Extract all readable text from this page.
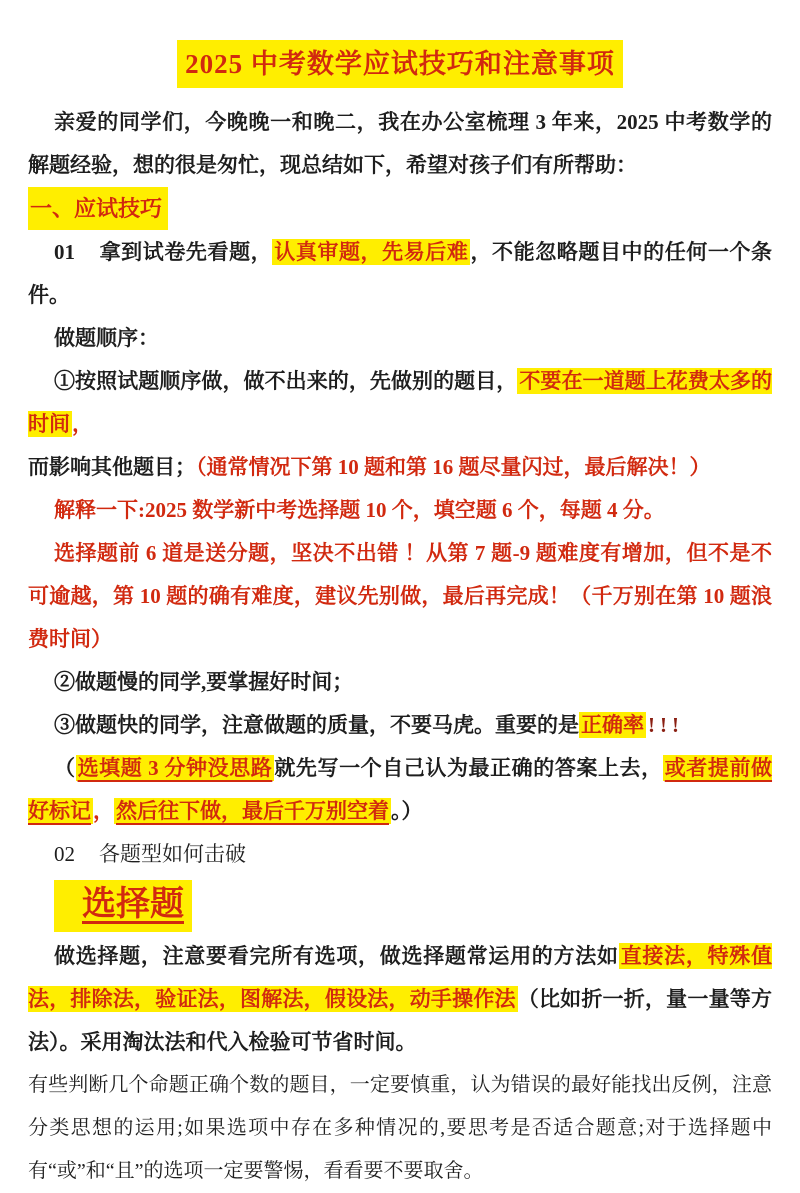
2025 中考数学应试技巧和注意事项

亲爱的同学们，今晚晚一和晚二，我在办公室梳理 3 年来，2025 中考数学的解题经验，想的很是匆忙，现总结如下，希望对孩子们有所帮助：

一、应试技巧

01 拿到试卷先看题，认真审题，先易后难，不能忽略题目中的任何一个条件。

做题顺序：

①按照试题顺序做，做不出来的，先做别的题目，不要在一道题上花费太多的时间，

而影响其他题目；（通常情况下第 10 题和第 16 题尽量闪过，最后解决！）

解释一下:2025 数学新中考选择题 10 个，填空题 6 个，每题 4 分。

选择题前 6 道是送分题，坚决不出错 ！从第 7 题-9 题难度有增加，但不是不可逾越，第 10 题的确有难度，建议先别做，最后再完成！（千万别在第 10 题浪费时间）

②做题慢的同学,要掌握好时间；

③做题快的同学，注意做题的质量，不要马虎。重要的是正确率 !!!

（选填题 3 分钟没思路就先写一个自己认为最正确的答案上去，或者提前做好标记，然后往下做，最后千万别空着。）

02 各题型如何击破

选择题

做选择题，注意要看完所有选项，做选择题常运用的方法如直接法，特殊值法，排除法，验证法，图解法，假设法，动手操作法（比如折一折，量一量等方法）。采用淘汰法和代入检验可节省时间。

有些判断几个命题正确个数的题目，一定要慎重，认为错误的最好能找出反例，注意分类思想的运用;如果选项中存在多种情况的,要思考是否适合题意;对于选择题中有“或”和“且”的选项一定要警惕，看看要不要取舍。
